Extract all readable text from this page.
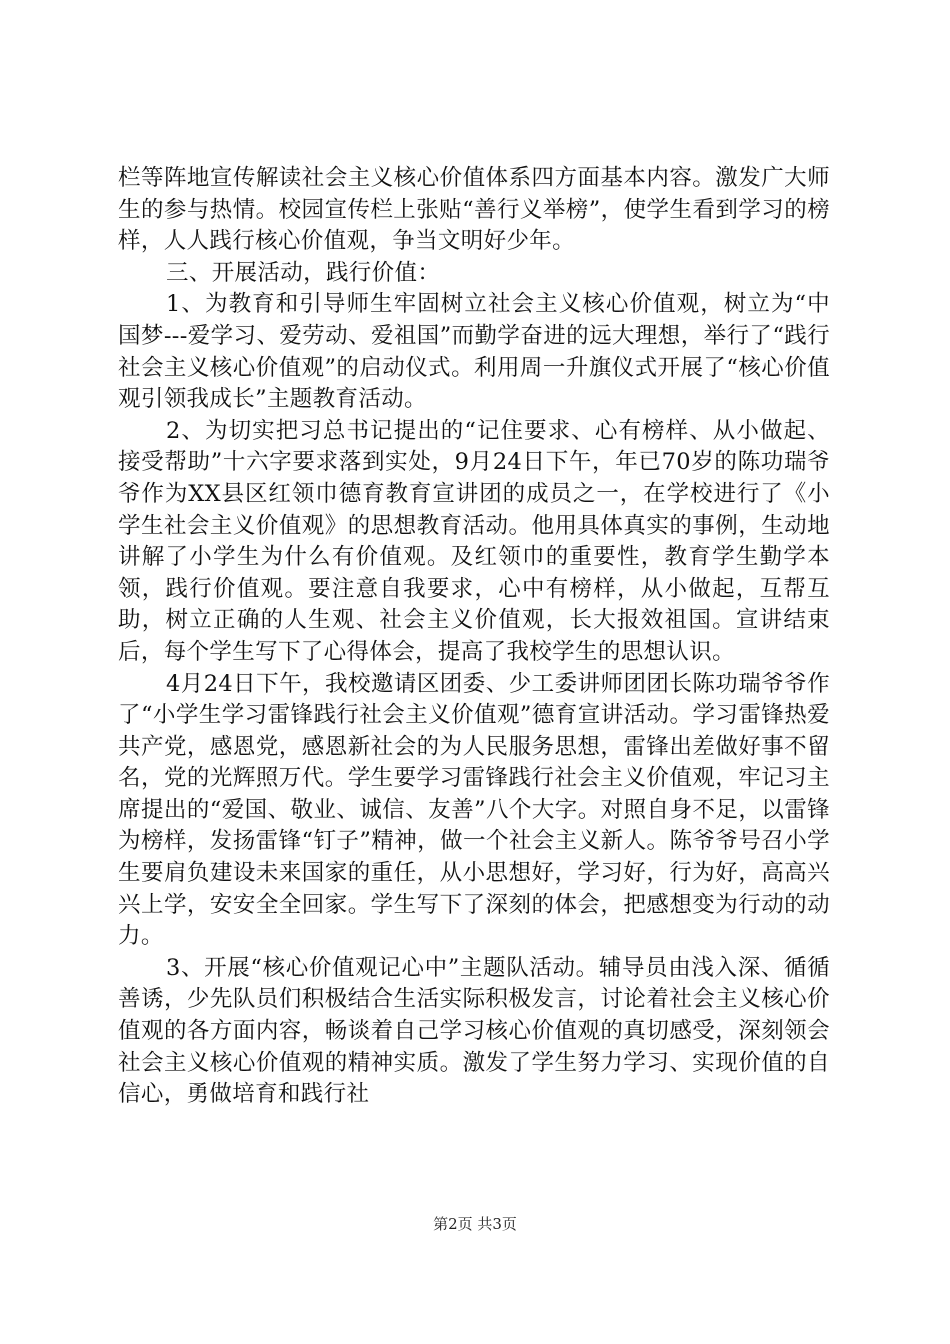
栏等阵地宣传解读社会主义核心价值体系四方面基本内容。激发广大师生的参与热情。校园宣传栏上张贴“善行义举榜”，使学生看到学习的榜样，人人践行核心价值观，争当文明好少年。

三、开展活动，践行价值：

1、为教育和引导师生牢固树立社会主义核心价值观，树立为“中国梦---爱学习、爱劳动、爱祖国”而勤学奋进的远大理想，举行了“践行社会主义核心价值观”的启动仪式。利用周一升旗仪式开展了“核心价值观引领我成长”主题教育活动。

2、为切实把习总书记提出的“记住要求、心有榜样、从小做起、接受帮助”十六字要求落到实处，9月24日下午，年已70岁的陈功瑞爷爷作为XX县区红领巾德育教育宣讲团的成员之一，在学校进行了《小学生社会主义价值观》的思想教育活动。他用具体真实的事例，生动地讲解了小学生为什么有价值观。及红领巾的重要性，教育学生勤学本领，践行价值观。要注意自我要求，心中有榜样，从小做起，互帮互助，树立正确的人生观、社会主义价值观，长大报效祖国。宣讲结束后，每个学生写下了心得体会，提高了我校学生的思想认识。

4月24日下午，我校邀请区团委、少工委讲师团团长陈功瑞爷爷作了“小学生学习雷锋践行社会主义价值观”德育宣讲活动。学习雷锋热爱共产党，感恩党，感恩新社会的为人民服务思想，雷锋出差做好事不留名，党的光辉照万代。学生要学习雷锋践行社会主义价值观，牢记习主席提出的“爱国、敬业、诚信、友善”八个大字。对照自身不足，以雷锋为榜样，发扬雷锋“钉子”精神，做一个社会主义新人。陈爷爷号召小学生要肩负建设未来国家的重任，从小思想好，学习好，行为好，高高兴兴上学，安安全全回家。学生写下了深刻的体会，把感想变为行动的动力。

3、开展“核心价值观记心中”主题队活动。辅导员由浅入深、循循善诱，少先队员们积极结合生活实际积极发言，讨论着社会主义核心价值观的各方面内容，畅谈着自己学习核心价值观的真切感受，深刻领会社会主义核心价值观的精神实质。激发了学生努力学习、实现价值的自信心，勇做培育和践行社

第2页 共3页
